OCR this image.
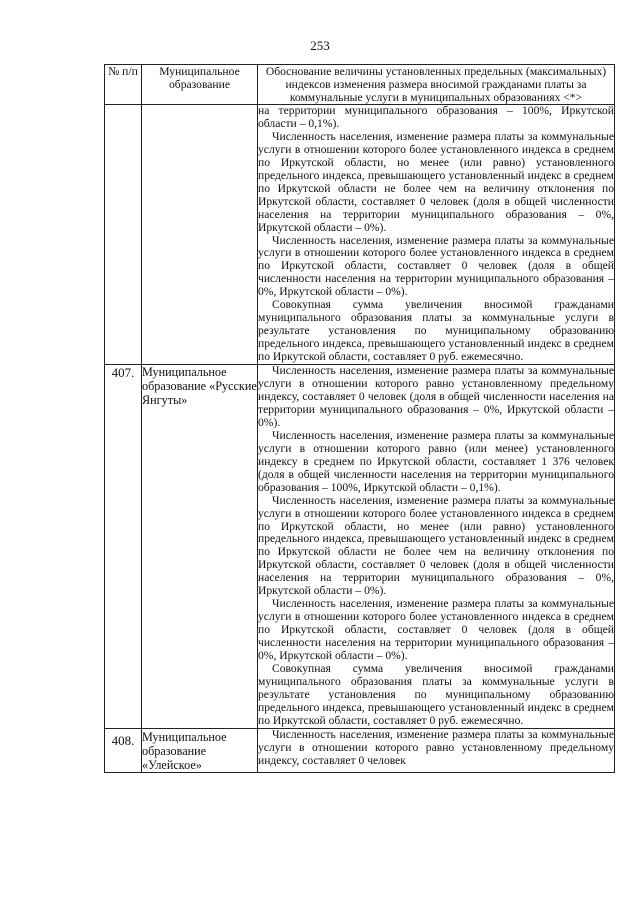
253
№ п/п	Муниципальное образование	Обоснование величины установленных предельных (максимальных) индексов изменения размера вносимой гражданами платы за коммунальные услуги в муниципальных образованиях <*>

		на территории муниципального образования – 100%, Иркутской области – 0,1%).

Численность населения, изменение размера платы за коммунальные услуги в отношении которого более установленного индекса в среднем по Иркутской области, но менее (или равно) установленного предельного индекса, превышающего установленный индекс в среднем по Иркутской области не более чем на величину отклонения по Иркутской области, составляет 0 человек (доля в общей численности населения на территории муниципального образования – 0%, Иркутской области – 0%).

Численность населения, изменение размера платы за коммунальные услуги в отношении которого более установленного индекса в среднем по Иркутской области, составляет 0 человек (доля в общей численности населения на территории муниципального образования – 0%, Иркутской области – 0%).

Совокупная сумма увеличения вносимой гражданами муниципального образования платы за коммунальные услуги в результате установления по муниципальному образованию предельного индекса, превышающего установленный индекс в среднем по Иркутской области, составляет 0 руб. ежемесячно.

407.	Муниципальное образование «Русские Янгуты»	Численность населения, изменение размера платы за коммунальные услуги в отношении которого равно установленному предельному индексу, составляет 0 человек (доля в общей численности населения на территории муниципального образования – 0%, Иркутской области – 0%).

Численность населения, изменение размера платы за коммунальные услуги в отношении которого равно (или менее) установленного индексу в среднем по Иркутской области, составляет 1 376 человек (доля в общей численности населения на территории муниципального образования – 100%, Иркутской области – 0,1%).

Численность населения, изменение размера платы за коммунальные услуги в отношении которого более установленного индекса в среднем по Иркутской области, но менее (или равно) установленного предельного индекса, превышающего установленный индекс в среднем по Иркутской области не более чем на величину отклонения по Иркутской области, составляет 0 человек (доля в общей численности населения на территории муниципального образования – 0%, Иркутской области – 0%).

Численность населения, изменение размера платы за коммунальные услуги в отношении которого более установленного индекса в среднем по Иркутской области, составляет 0 человек (доля в общей численности населения на территории муниципального образования – 0%, Иркутской области – 0%).

Совокупная сумма увеличения вносимой гражданами муниципального образования платы за коммунальные услуги в результате установления по муниципальному образованию предельного индекса, превышающего установленный индекс в среднем по Иркутской области, составляет 0 руб. ежемесячно.

408.	Муниципальное образование «Улейское»	Численность населения, изменение размера платы за коммунальные услуги в отношении которого равно установленному предельному индексу, составляет 0 человек
